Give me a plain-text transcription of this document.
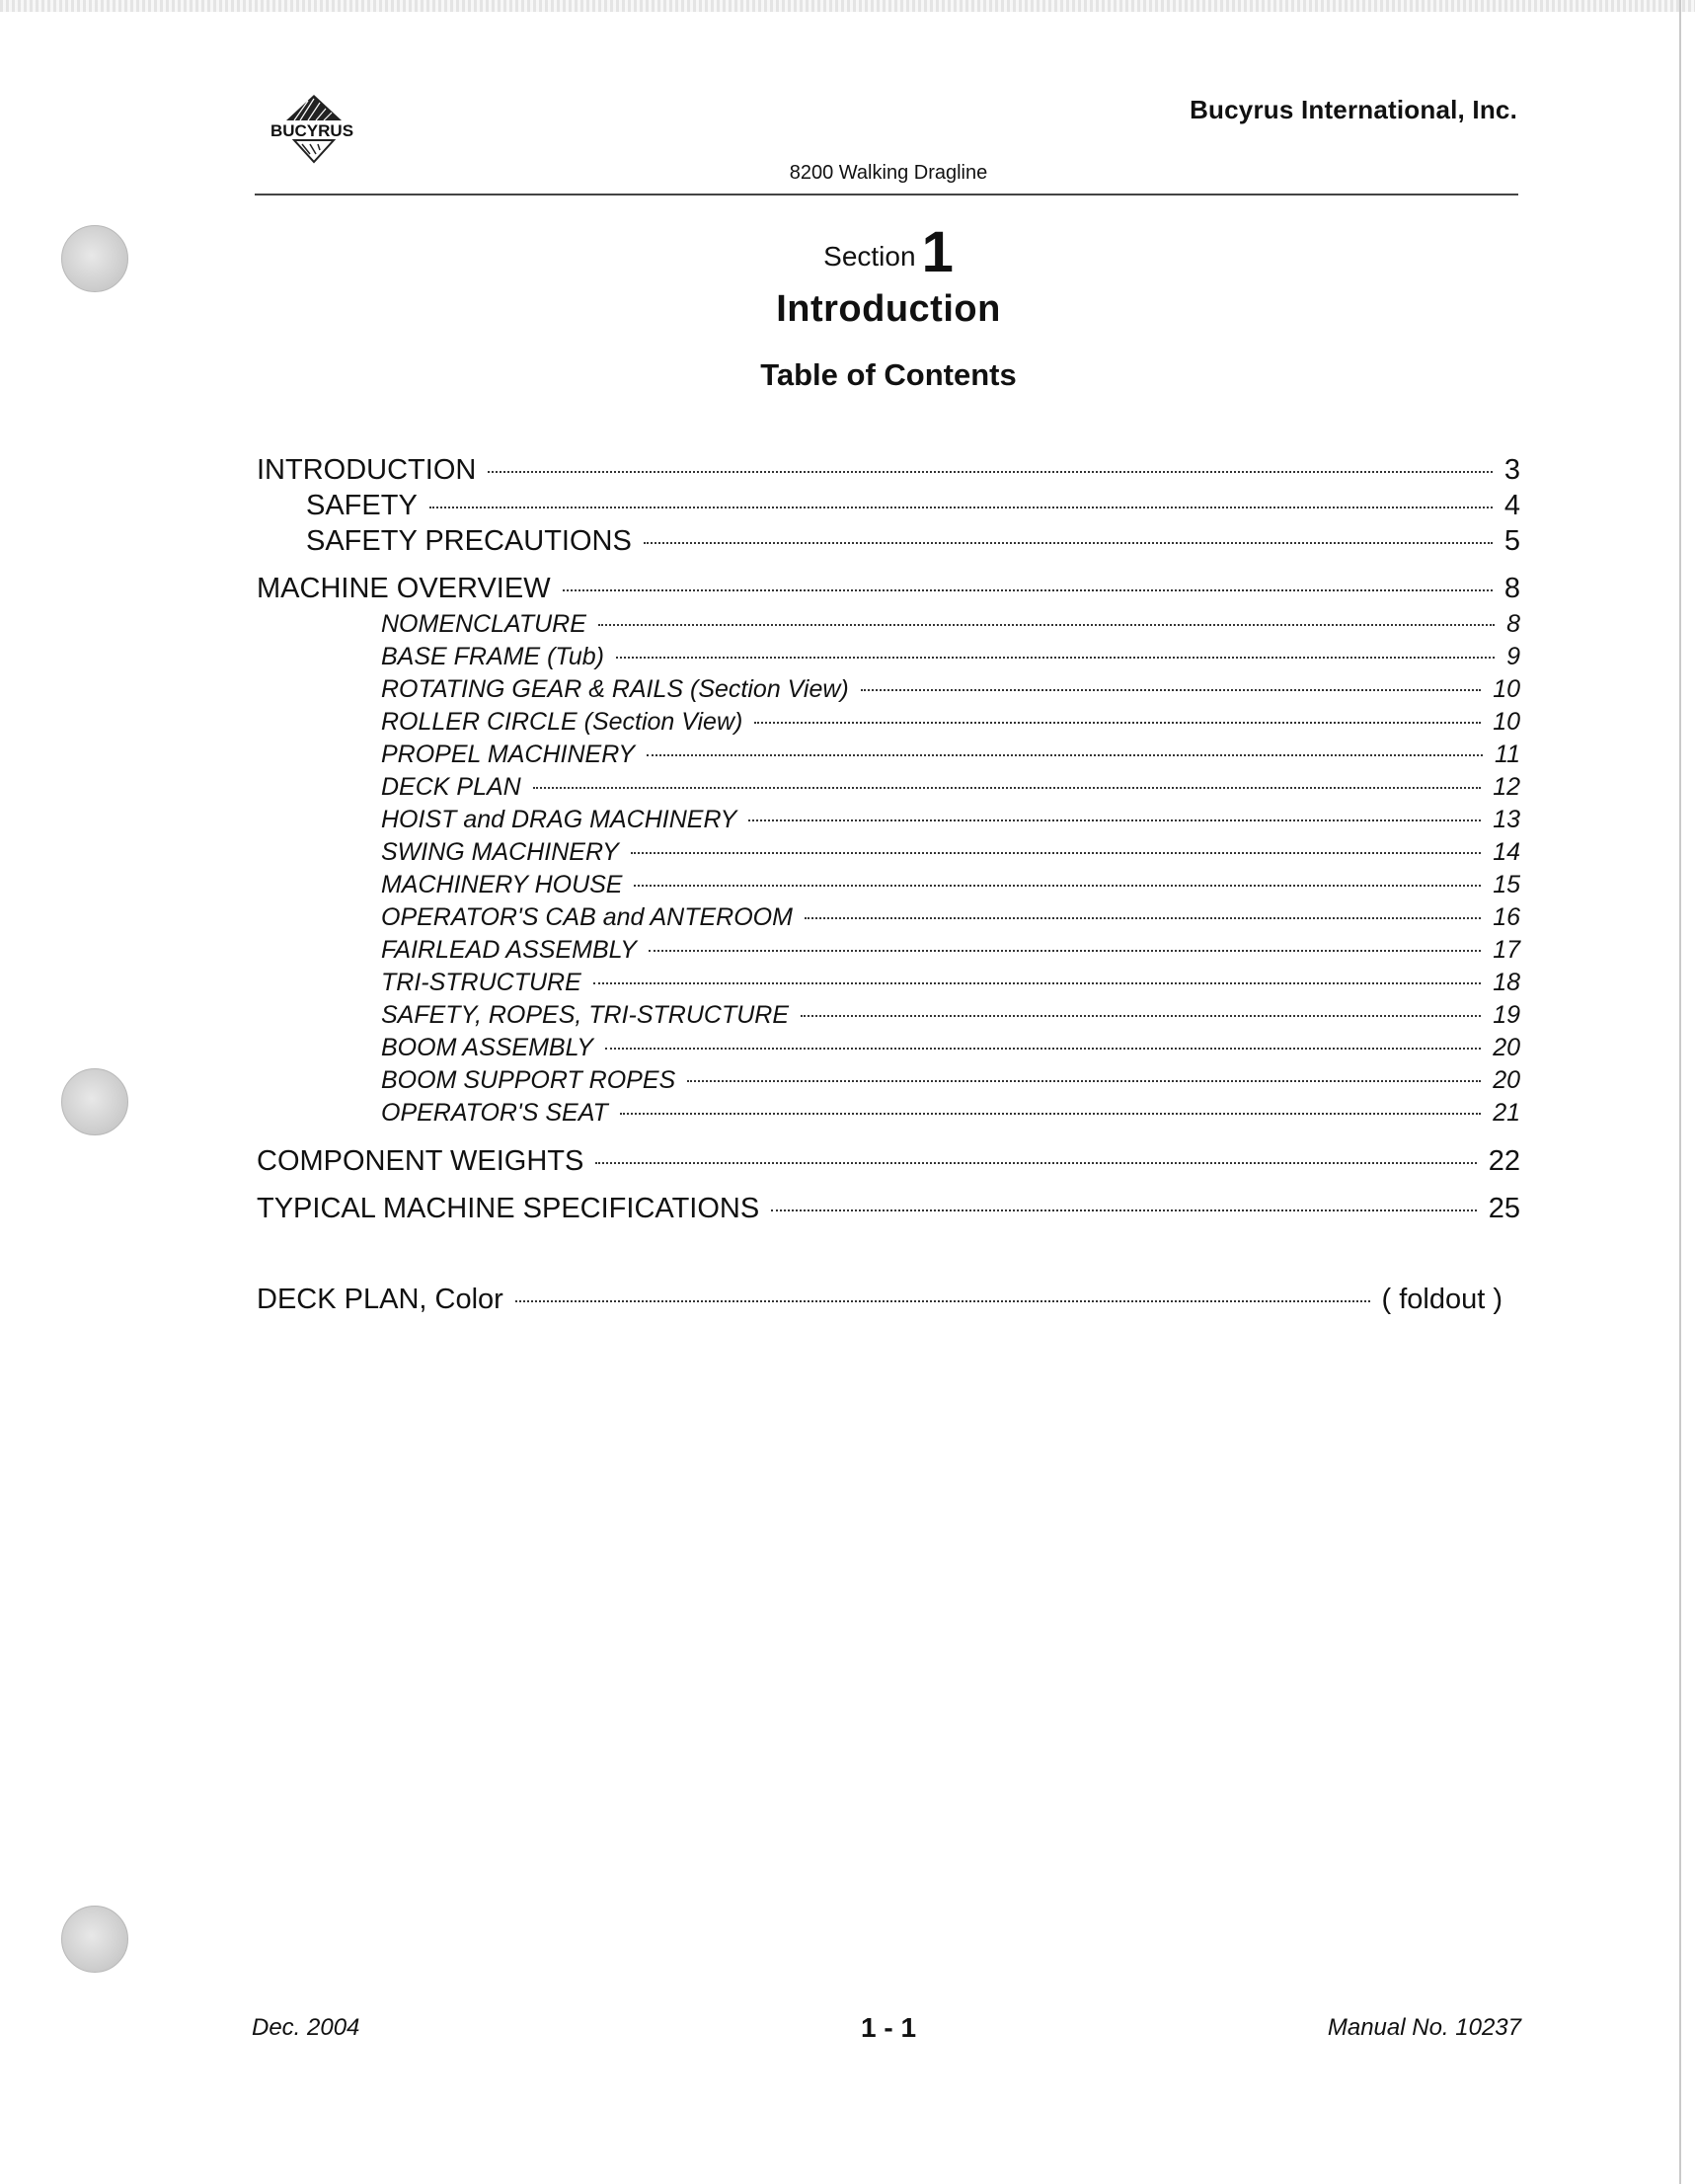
BUCYRUS
Bucyrus International, Inc.
8200 Walking Dragline
Section 1
Introduction
Table of Contents
INTRODUCTION	3
SAFETY	4
SAFETY PRECAUTIONS	5
MACHINE OVERVIEW	8
NOMENCLATURE	8
BASE FRAME (Tub)	9
ROTATING GEAR & RAILS (Section View)	10
ROLLER CIRCLE (Section View)	10
PROPEL MACHINERY	11
DECK PLAN	12
HOIST and DRAG MACHINERY	13
SWING MACHINERY	14
MACHINERY HOUSE	15
OPERATOR'S CAB and ANTEROOM	16
FAIRLEAD ASSEMBLY	17
TRI-STRUCTURE	18
SAFETY, ROPES, TRI-STRUCTURE	19
BOOM ASSEMBLY	20
BOOM SUPPORT ROPES	20
OPERATOR'S SEAT	21
COMPONENT WEIGHTS	22
TYPICAL MACHINE SPECIFICATIONS	25
DECK PLAN, Color	( foldout )
Dec. 2004	1 - 1	Manual No. 10237
